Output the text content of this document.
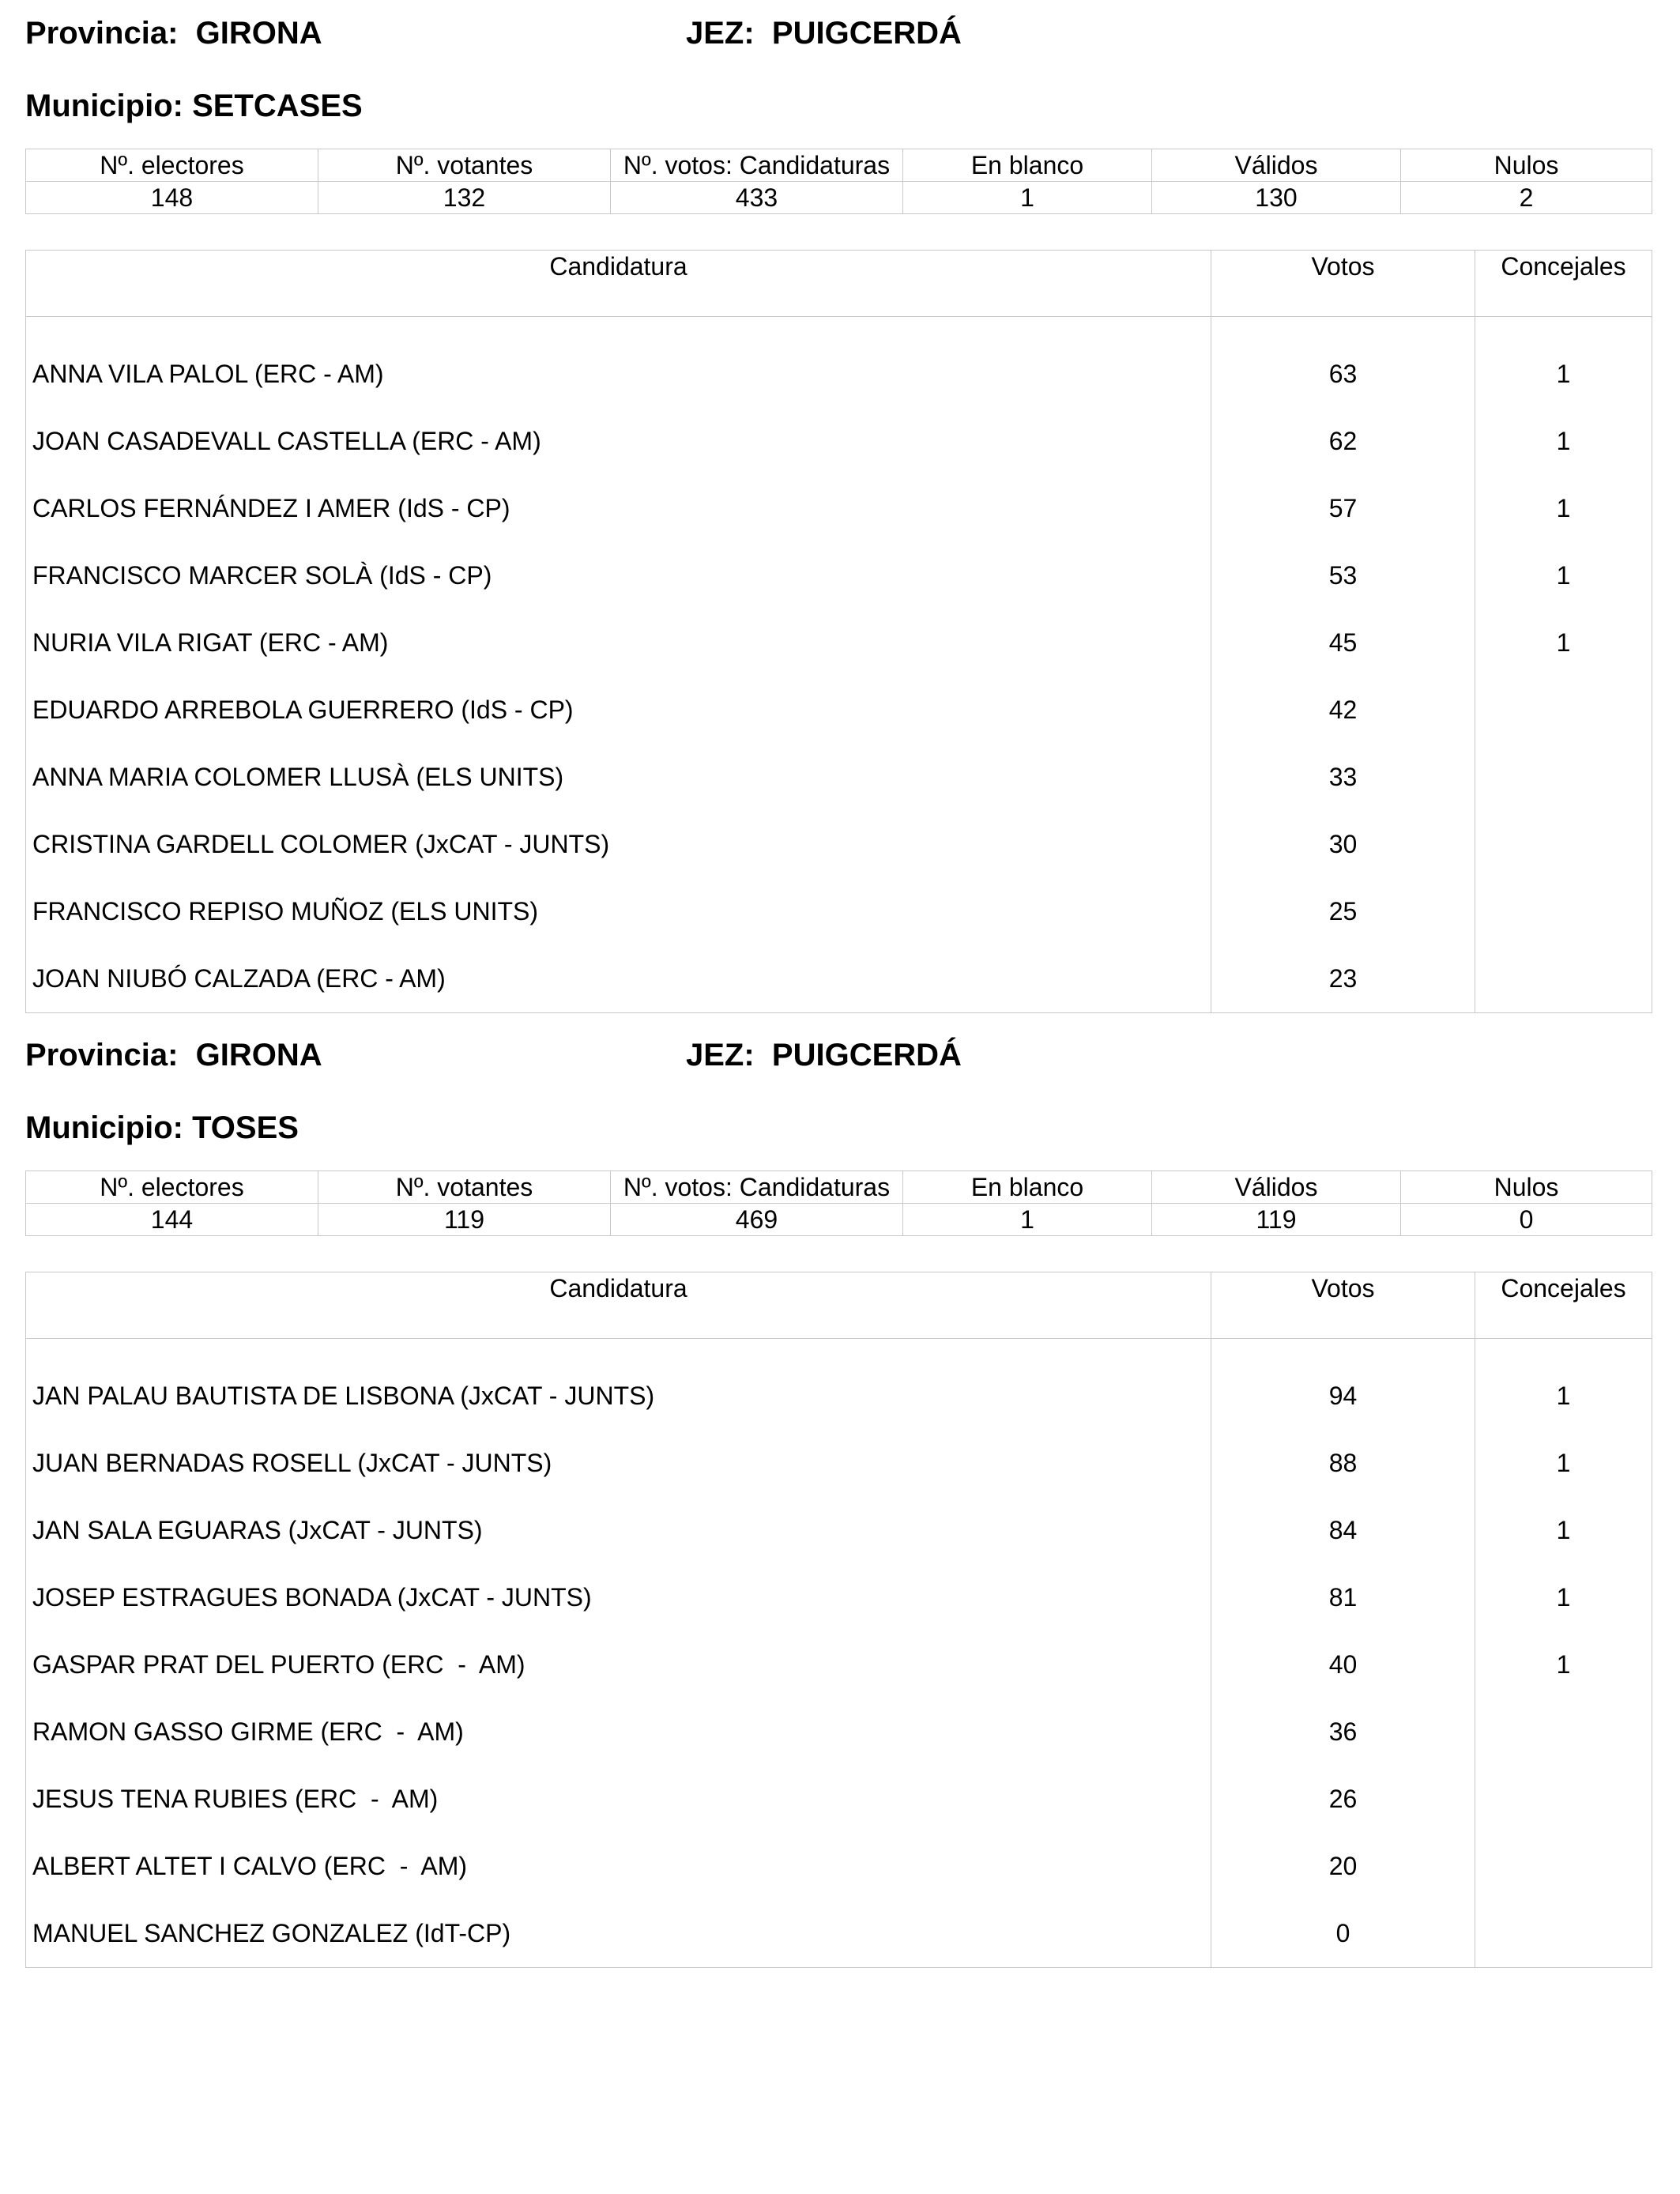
Provincia:  GIRONA	JEZ:  PUIGCERDÁ
Municipio: SETCASES
Nº. electores	Nº. votantes	Nº. votos: Candidaturas	En blanco	Válidos	Nulos
148	132	433	1	130	2
Candidatura	Votos	Concejales
ANNA VILA PALOL (ERC - AM)	63	1
JOAN CASADEVALL CASTELLA (ERC - AM)	62	1
CARLOS FERNÁNDEZ I AMER (IdS - CP)	57	1
FRANCISCO MARCER SOLÀ (IdS - CP)	53	1
NURIA VILA RIGAT (ERC - AM)	45	1
EDUARDO ARREBOLA GUERRERO (IdS - CP)	42	
ANNA MARIA COLOMER LLUSÀ (ELS UNITS)	33	
CRISTINA GARDELL COLOMER (JxCAT - JUNTS)	30	
FRANCISCO REPISO MUÑOZ (ELS UNITS)	25	
JOAN NIUBÓ CALZADA (ERC - AM)	23	
Provincia:  GIRONA	JEZ:  PUIGCERDÁ
Municipio: TOSES
Nº. electores	Nº. votantes	Nº. votos: Candidaturas	En blanco	Válidos	Nulos
144	119	469	1	119	0
Candidatura	Votos	Concejales
JAN PALAU BAUTISTA DE LISBONA (JxCAT - JUNTS)	94	1
JUAN BERNADAS ROSELL (JxCAT - JUNTS)	88	1
JAN SALA EGUARAS (JxCAT - JUNTS)	84	1
JOSEP ESTRAGUES BONADA (JxCAT - JUNTS)	81	1
GASPAR PRAT DEL PUERTO (ERC  -  AM)	40	1
RAMON GASSO GIRME (ERC  -  AM)	36	
JESUS TENA RUBIES (ERC  -  AM)	26	
ALBERT ALTET I CALVO (ERC  -  AM)	20	
MANUEL SANCHEZ GONZALEZ (IdT-CP)	0	
